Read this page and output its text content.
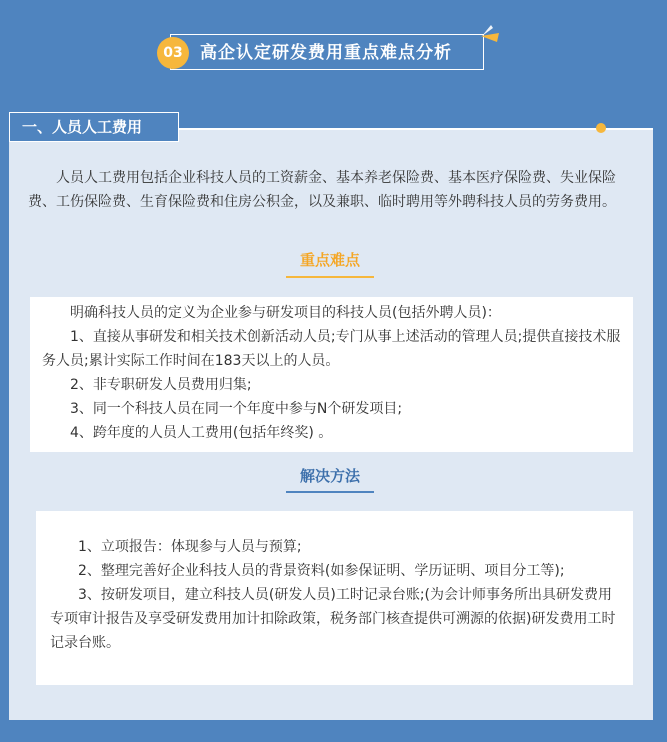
03	高企认定研发费用重点难点分析
一、人员人工费用

人员人工费用包括企业科技人员的工资薪金、基本养老保险费、基本医疗保险费、失业保险费、工伤保险费、生育保险费和住房公积金，以及兼职、临时聘用等外聘科技人员的劳务费用。

重点难点

明确科技人员的定义为企业参与研发项目的科技人员(包括外聘人员)：

1、直接从事研发和相关技术创新活动人员;专门从事上述活动的管理人员;提供直接技术服务人员;累计实际工作时间在183天以上的人员。

2、非专职研发人员费用归集;

3、同一个科技人员在同一个年度中参与N个研发项目;

4、跨年度的人员人工费用(包括年终奖) 。

解决方法

1、立项报告：体现参与人员与预算;

2、整理完善好企业科技人员的背景资料(如参保证明、学历证明、项目分工等);

3、按研发项目，建立科技人员(研发人员)工时记录台账;(为会计师事务所出具研发费用专项审计报告及享受研发费用加计扣除政策，税务部门核查提供可溯源的依据)研发费用工时记录台账。
